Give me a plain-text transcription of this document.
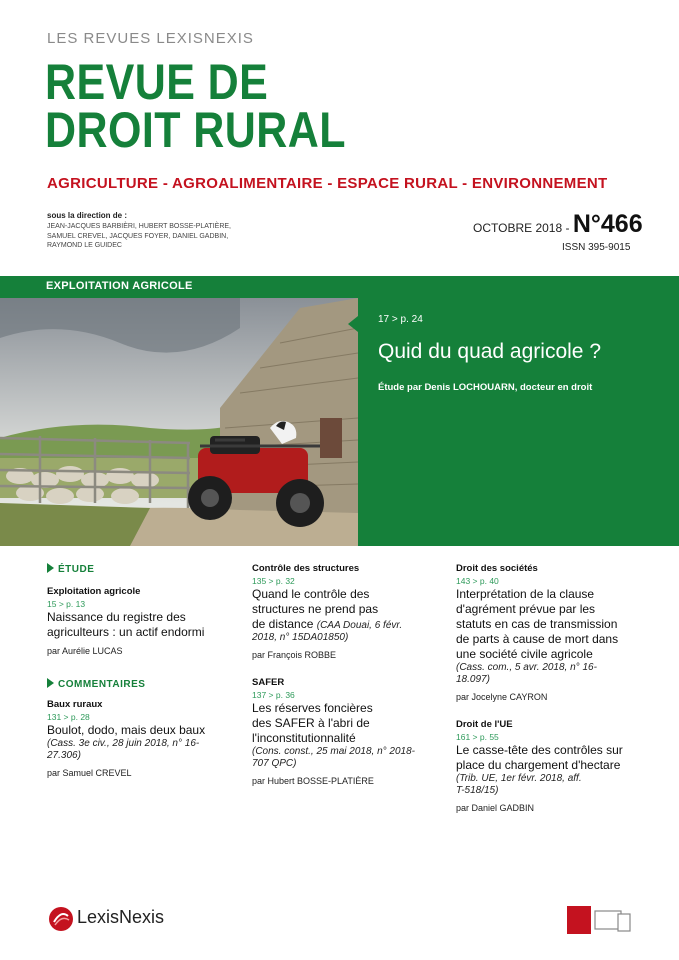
LES REVUES LEXISNEXIS
REVUE DE
DROIT RURAL
AGRICULTURE - AGROALIMENTAIRE - ESPACE RURAL - ENVIRONNEMENT
sous la direction de :
JEAN-JACQUES BARBIÈRI, HUBERT BOSSE-PLATIÈRE,
SAMUEL CREVEL, JACQUES FOYER, DANIEL GADBIN,
RAYMOND LE GUIDEC
OCTOBRE 2018 - N°466
ISSN 395-9015
EXPLOITATION AGRICOLE
17 > p. 24
Quid du quad agricole ?
Étude par Denis LOCHOUARN, docteur en droit
ÉTUDE
Exploitation agricole
15 > p. 13
Naissance du registre des
agriculteurs : un actif endormi
par Aurélie LUCAS
COMMENTAIRES
Baux ruraux
131 > p. 28
Boulot, dodo, mais deux baux
(Cass. 3e civ., 28 juin 2018, n° 16-
27.306)
par Samuel CREVEL
Contrôle des structures
135 > p. 32
Quand le contrôle des
structures ne prend pas
de distance (CAA Douai, 6 févr.
2018, n° 15DA01850)
par François ROBBE
SAFER
137 > p. 36
Les réserves foncières
des SAFER à l'abri de
l'inconstitutionnalité
(Cons. const., 25 mai 2018, n° 2018-
707 QPC)
par Hubert BOSSE-PLATIÈRE
Droit des sociétés
143 > p. 40
Interprétation de la clause
d'agrément prévue par les
statuts en cas de transmission
de parts à cause de mort dans
une société civile agricole
(Cass. com., 5 avr. 2018, n° 16-
18.097)
par Jocelyne CAYRON
Droit de l'UE
161 > p. 55
Le casse-tête des contrôles sur
place du chargement d'hectare
(Trib. UE, 1er févr. 2018, aff.
T-518/15)
par Daniel GADBIN
LexisNexis
